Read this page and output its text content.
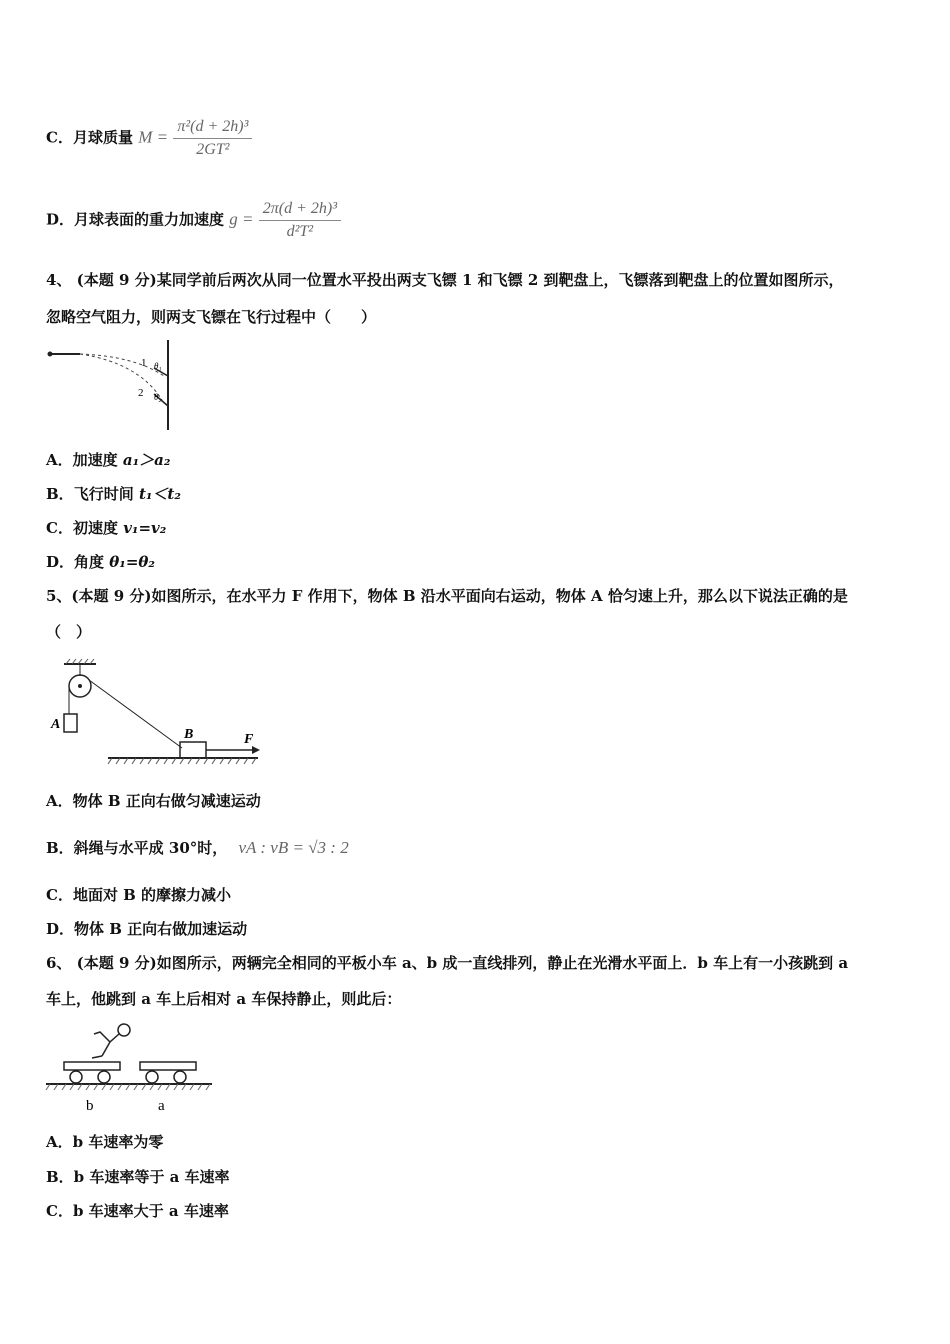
C．月球质量 $M = \frac{\text{π²(d + 2h)³}}{\text{2GT²}}$
D．月球表面的重力加速度 $g = \frac{\text{2π(d + 2h)³}}{\text{d²T²}}$
4、 (本题 9 分)某同学前后两次从同一位置水平投出两支飞镖 1 和飞镖 2 到靶盘上，飞镖落到靶盘上的位置如图所示，
忽略空气阻力，则两支飞镖在飞行过程中（　　）
1 θ₁
2 θ₂
A．加速度 a₁＞a₂
B．飞行时间 t₁＜t₂
C．初速度 v₁=v₂
D．角度 θ₁=θ₂
5、(本题 9 分)如图所示，在水平力 F 作用下，物体 B 沿水平面向右运动，物体 A 恰匀速上升，那么以下说法正确的是
（　）
A
B	F
A．物体 B 正向右做匀减速运动
B．斜绳与水平成 30°时， vA : vB = √3 : 2
C．地面对 B 的摩擦力减小
D．物体 B 正向右做加速运动
6、 (本题 9 分)如图所示，两辆完全相同的平板小车 a、b 成一直线排列，静止在光滑水平面上．b 车上有一小孩跳到 a
车上，他跳到 a 车上后相对 a 车保持静止，则此后：
b	a
A．b 车速率为零
B．b 车速率等于 a 车速率
C．b 车速率大于 a 车速率
